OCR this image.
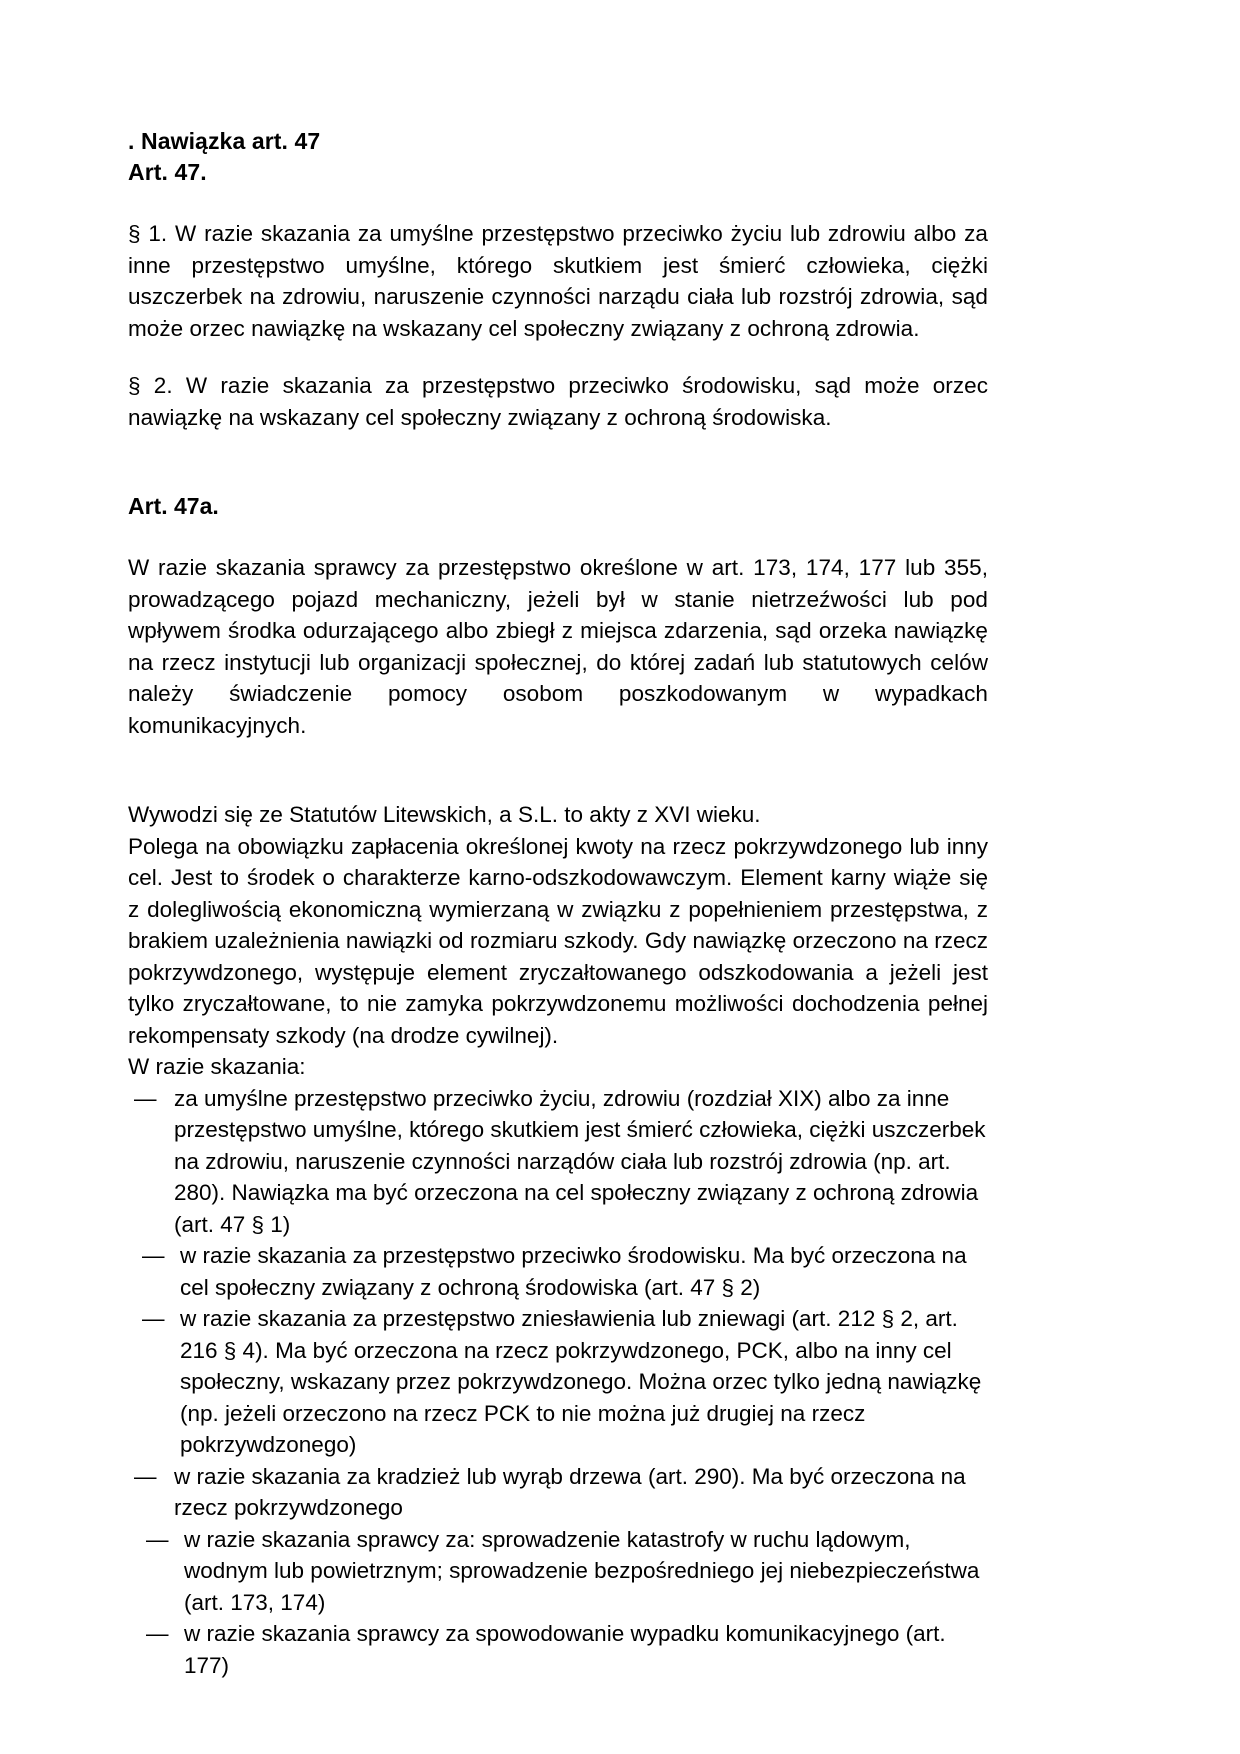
. Nawiązka art. 47
Art. 47.

§ 1. W razie skazania za umyślne przestępstwo przeciwko życiu lub zdrowiu albo za inne przestępstwo umyślne, którego skutkiem jest śmierć człowieka, ciężki uszczerbek na zdrowiu, naruszenie czynności narządu ciała lub rozstrój zdrowia, sąd może orzec nawiązkę na wskazany cel społeczny związany z ochroną zdrowia.

§ 2. W razie skazania za przestępstwo przeciwko środowisku, sąd może orzec nawiązkę na wskazany cel społeczny związany z ochroną środowiska.

Art. 47a.

W razie skazania sprawcy za przestępstwo określone w art. 173, 174, 177 lub 355, prowadzącego pojazd mechaniczny, jeżeli był w stanie nietrzeźwości lub pod wpływem środka odurzającego albo zbiegł z miejsca zdarzenia, sąd orzeka nawiązkę na rzecz instytucji lub organizacji społecznej, do której zadań lub statutowych celów należy świadczenie pomocy osobom poszkodowanym w wypadkach komunikacyjnych.

Wywodzi się ze Statutów Litewskich, a S.L. to akty z XVI wieku.

Polega na obowiązku zapłacenia określonej kwoty na rzecz pokrzywdzonego lub inny cel. Jest to środek o charakterze karno-odszkodowawczym. Element karny wiąże się z dolegliwością ekonomiczną wymierzaną w związku z popełnieniem przestępstwa, z brakiem uzależnienia nawiązki od rozmiaru szkody. Gdy nawiązkę orzeczono na rzecz pokrzywdzonego, występuje element zryczałtowanego odszkodowania a jeżeli jest tylko zryczałtowane, to nie zamyka pokrzywdzonemu możliwości dochodzenia pełnej rekompensaty szkody (na drodze cywilnej).

W razie skazania:

— za umyślne przestępstwo przeciwko życiu, zdrowiu (rozdział XIX) albo za inne przestępstwo umyślne, którego skutkiem jest śmierć człowieka, ciężki uszczerbek na zdrowiu, naruszenie czynności narządów ciała lub rozstrój zdrowia (np. art. 280). Nawiązka ma być orzeczona na cel społeczny związany z ochroną zdrowia (art. 47 § 1)
— w razie skazania za przestępstwo przeciwko środowisku. Ma być orzeczona na cel społeczny związany z ochroną środowiska (art. 47 § 2)
— w razie skazania za przestępstwo zniesławienia lub zniewagi (art. 212 § 2, art. 216 § 4). Ma być orzeczona na rzecz pokrzywdzonego, PCK, albo na inny cel społeczny, wskazany przez pokrzywdzonego. Można orzec tylko jedną nawiązkę (np. jeżeli orzeczono na rzecz PCK to nie można już drugiej na rzecz pokrzywdzonego)
— w razie skazania za kradzież lub wyrąb drzewa (art. 290). Ma być orzeczona na rzecz pokrzywdzonego
— w razie skazania sprawcy za: sprowadzenie katastrofy w ruchu lądowym, wodnym lub powietrznym; sprowadzenie bezpośredniego jej niebezpieczeństwa (art. 173, 174)
— w razie skazania sprawcy za spowodowanie wypadku komunikacyjnego (art. 177)
